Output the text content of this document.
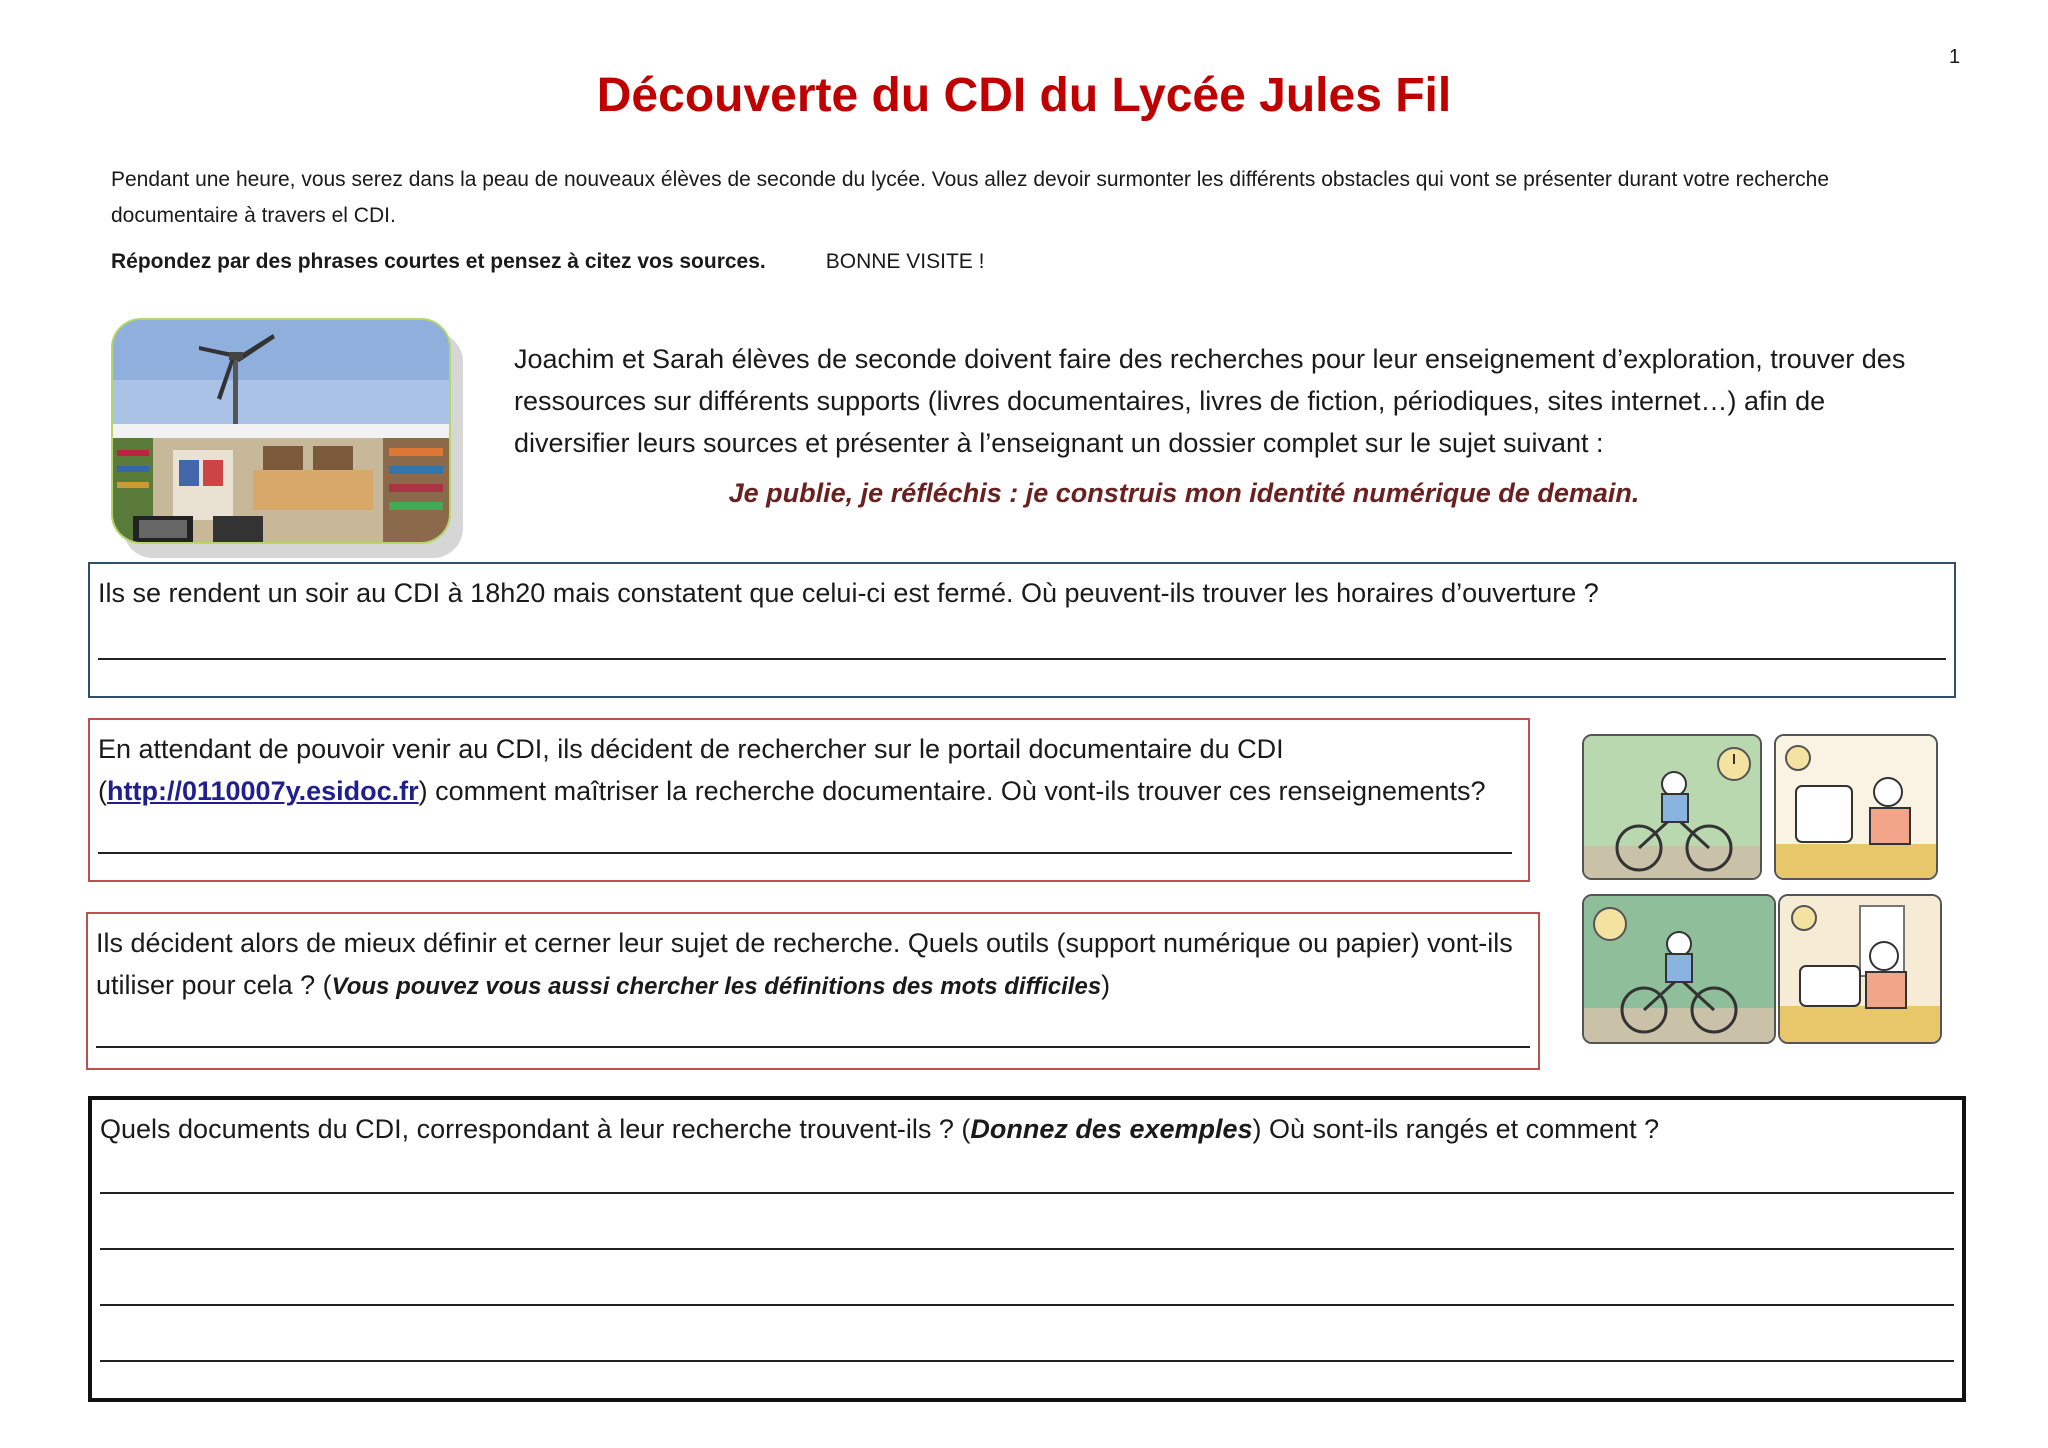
1
Découverte du CDI du Lycée Jules Fil
Pendant une heure, vous serez dans la peau de nouveaux élèves de seconde du lycée. Vous allez devoir surmonter les différents obstacles qui vont se présenter durant votre recherche documentaire à travers el CDI.
Répondez par des phrases courtes et pensez à citez vos sources.	BONNE VISITE !
Joachim et Sarah élèves de seconde doivent faire des recherches pour leur enseignement d’exploration, trouver des ressources sur différents supports (livres documentaires, livres de fiction, périodiques, sites internet…) afin de diversifier leurs sources et présenter à l’enseignant un dossier complet sur le sujet suivant :
Je publie, je réfléchis : je construis mon identité numérique de demain.
Ils se rendent un soir au CDI à 18h20 mais constatent que celui-ci est fermé. Où peuvent-ils trouver les horaires d’ouverture ?
En attendant de pouvoir venir au CDI, ils décident de rechercher sur le portail documentaire du CDI (http://0110007y.esidoc.fr) comment maîtriser la recherche documentaire. Où vont-ils trouver ces renseignements?
Ils décident alors de mieux définir et cerner leur sujet de recherche. Quels outils (support numérique ou papier) vont-ils utiliser pour cela ? (Vous pouvez vous aussi chercher les définitions des mots difficiles)
Quels documents du CDI, correspondant à leur recherche trouvent-ils ? (Donnez des exemples) Où sont-ils rangés et comment ?
